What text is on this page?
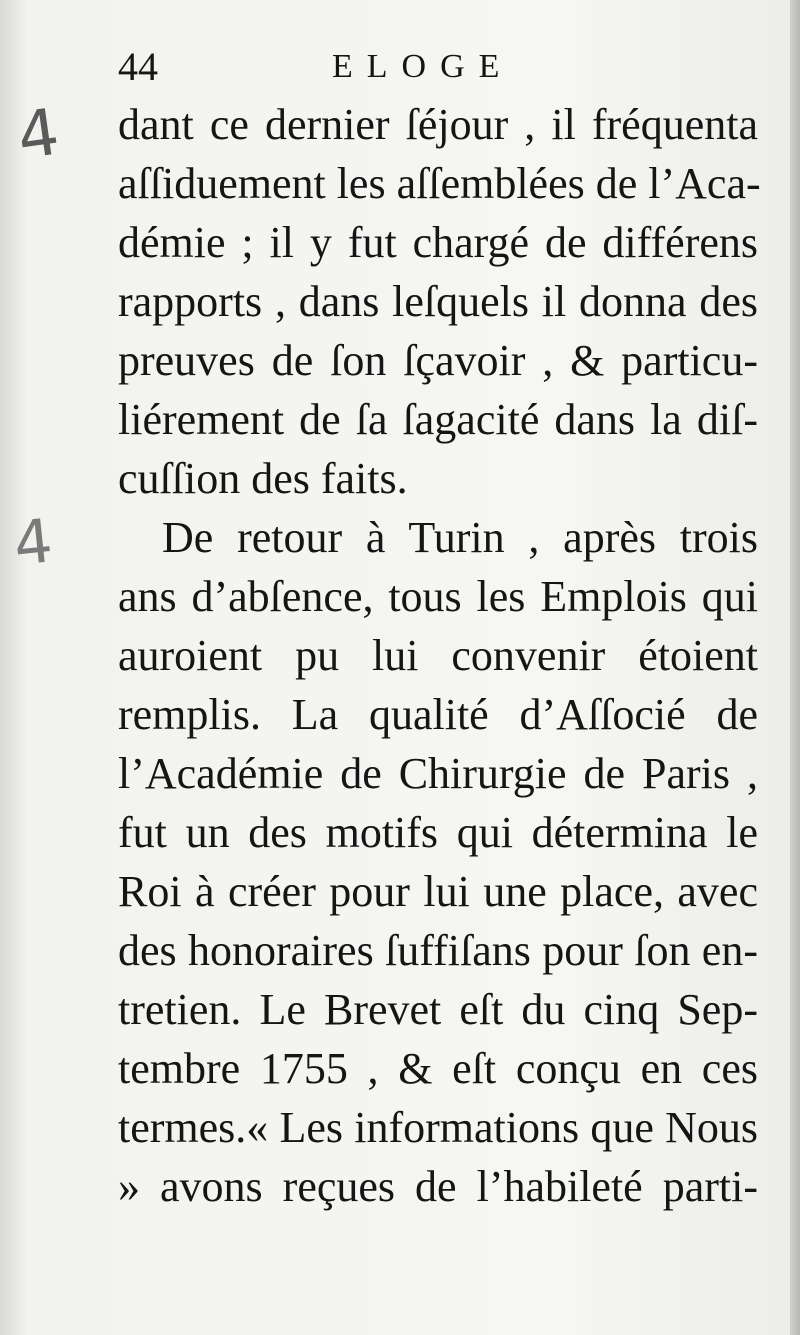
4
4
44	ELOGE
dant ce dernier ſéjour , il fréquenta
aſſiduement les aſſemblées de l’Aca-
démie ; il y fut chargé de différens
rapports , dans leſquels il donna des
preuves de ſon ſçavoir , & particu-
liérement de ſa ſagacité dans la diſ-
cuſſion des faits.
De retour à Turin , après trois
ans d’abſence, tous les Emplois qui
auroient pu lui convenir étoient
remplis. La qualité d’Aſſocié de
l’Académie de Chirurgie de Paris ,
fut un des motifs qui détermina le
Roi à créer pour lui une place, avec
des honoraires ſuffiſans pour ſon en-
tretien. Le Brevet eſt du cinq Sep-
tembre 1755 , & eſt conçu en ces
termes.« Les informations que Nous
» avons reçues de l’habileté parti-
